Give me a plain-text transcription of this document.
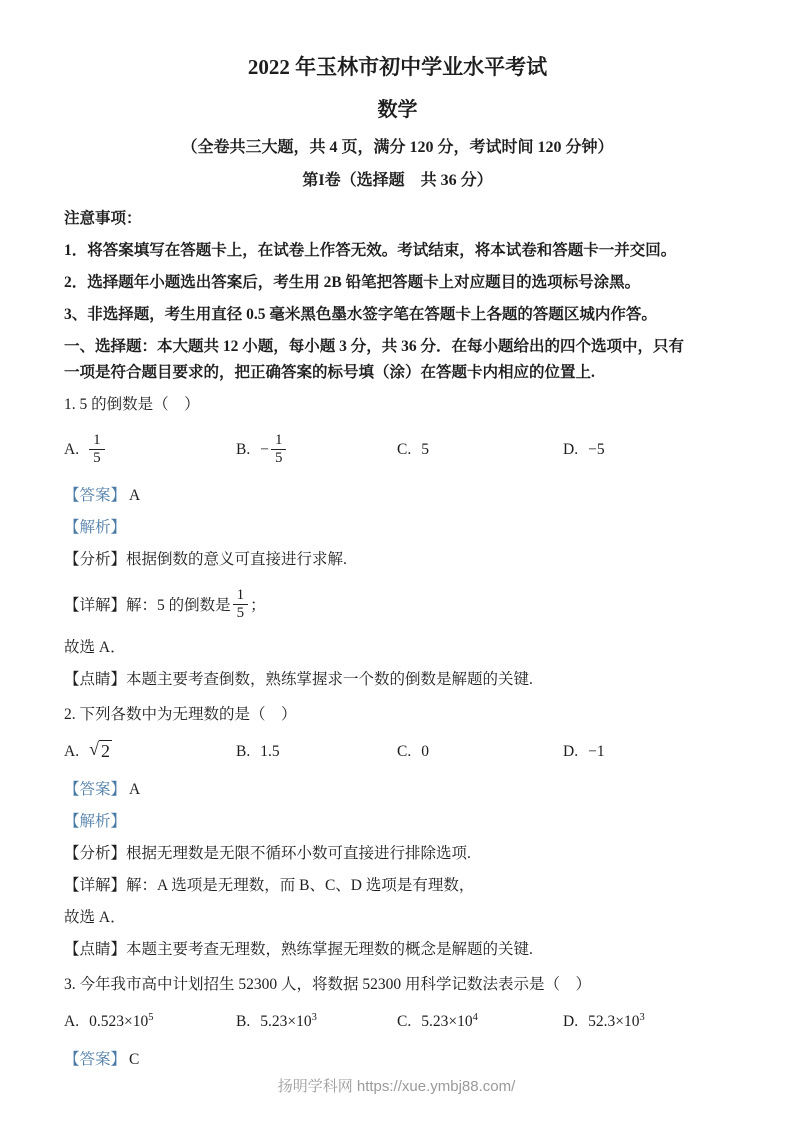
2022 年玉林市初中学业水平考试
数学
（全卷共三大题，共 4 页，满分 120 分，考试时间 120 分钟）
第I卷（选择题　共 36 分）
注意事项：
1．将答案填写在答题卡上，在试卷上作答无效。考试结束，将本试卷和答题卡一并交回。
2．选择题年小题选出答案后，考生用 2B 铅笔把答题卡上对应题目的选项标号涂黑。
3、非选择题，考生用直径 0.5 毫米黑色墨水签字笔在答题卡上各题的答题区城内作答。
一、选择题：本大题共 12 小题，每小题 3 分，共 36 分．在每小题给出的四个选项中，只有
一项是符合题目要求的，把正确答案的标号填（涂）在答题卡内相应的位置上.
1. 5 的倒数是（　）
A. $\frac{1}{5}$	B. − $\frac{1}{5}$	C. 5	D. −5
【答案】 A
【解析】
【分析】根据倒数的意义可直接进行求解.
【详解】 解：5 的倒数是 $\frac{1}{5}$ ；
故选 A．
【点睛】本题主要考查倒数，熟练掌握求一个数的倒数是解题的关键.
2. 下列各数中为无理数的是（　）
A. √ 2	B. 1.5	C. 0	D. −1
【答案】 A
【解析】
【分析】根据无理数是无限不循环小数可直接进行排除选项.
【详解】解：A 选项是无理数，而 B、C、D 选项是有理数，
故选 A．
【点睛】本题主要考查无理数，熟练掌握无理数的概念是解题的关键.
3. 今年我市高中计划招生 52300 人，将数据 52300 用科学记数法表示是（　）
A. $0.523\times 10^5$	B. $5.23\times 10^3$	C. $5.23\times 10^4$	D. $52.3\times 10^3$
【答案】 C
扬明学科网 https://xue.ymbj88.com/
